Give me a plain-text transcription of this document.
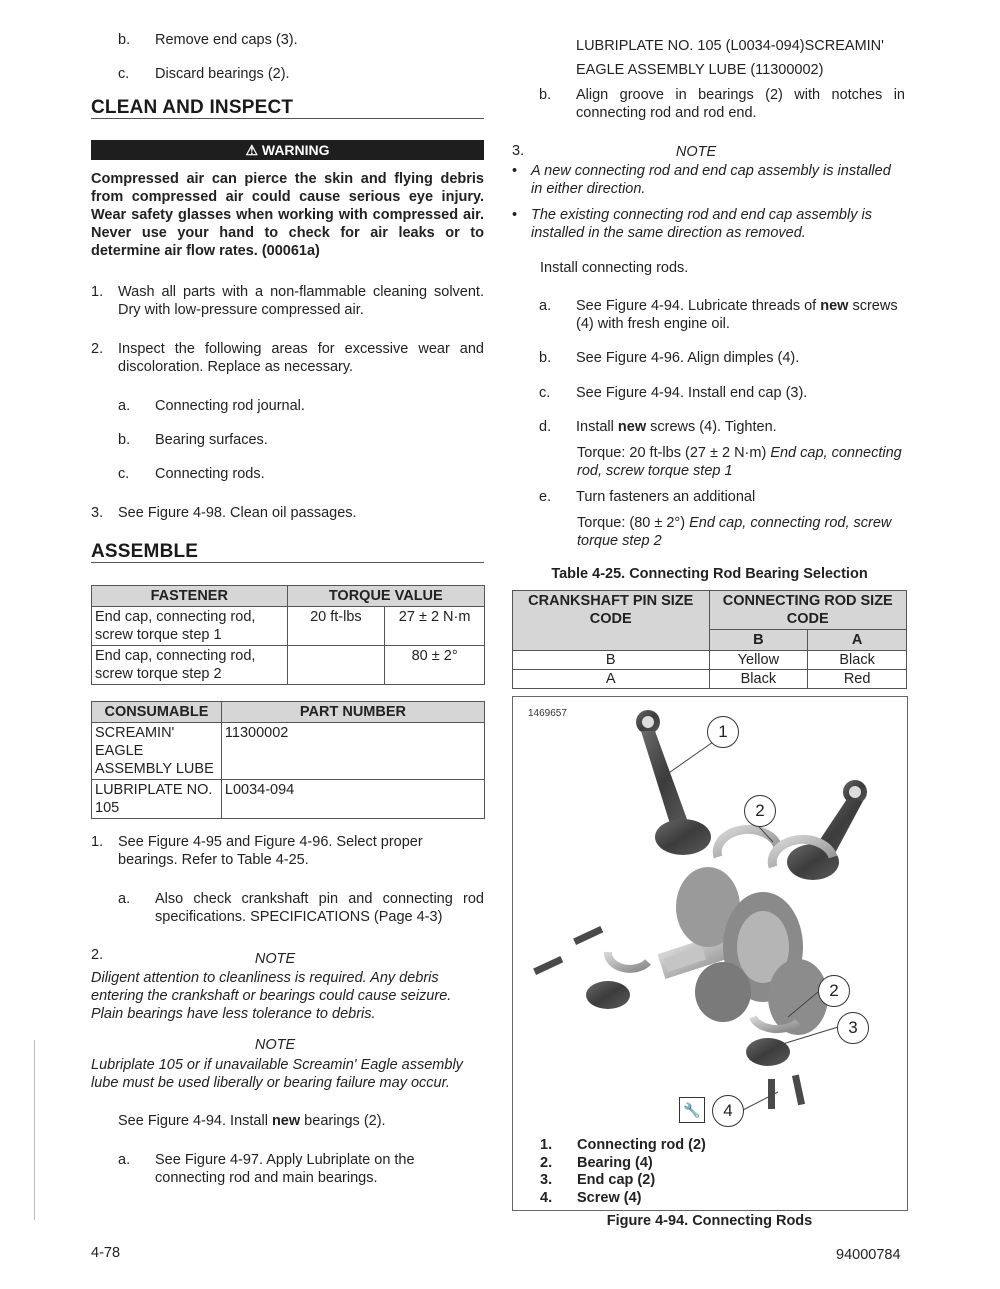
b. Remove end caps (3).
c. Discard bearings (2).
CLEAN AND INSPECT
⚠ WARNING
Compressed air can pierce the skin and flying debris from compressed air could cause serious eye injury. Wear safety glasses when working with compressed air. Never use your hand to check for air leaks or to determine air flow rates. (00061a)
1. Wash all parts with a non-flammable cleaning solvent. Dry with low-pressure compressed air.
2. Inspect the following areas for excessive wear and discoloration. Replace as necessary.
a. Connecting rod journal.
b. Bearing surfaces.
c. Connecting rods.
3. See Figure 4-98. Clean oil passages.
ASSEMBLE
FASTENER	TORQUE VALUE	
End cap, connecting rod, screw torque step 1	20 ft-lbs	27 ± 2 N·m
End cap, connecting rod, screw torque step 2		80 ± 2°
CONSUMABLE	PART NUMBER
SCREAMIN' EAGLE ASSEMBLY LUBE	11300002
LUBRIPLATE NO. 105	L0034-094
1. See Figure 4-95 and Figure 4-96. Select proper bearings. Refer to Table 4-25.
a. Also check crankshaft pin and connecting rod specifications. SPECIFICATIONS (Page 4-3)
2.	NOTE
Diligent attention to cleanliness is required. Any debris entering the crankshaft or bearings could cause seizure. Plain bearings have less tolerance to debris.
NOTE
Lubriplate 105 or if unavailable Screamin' Eagle assembly lube must be used liberally or bearing failure may occur.
See Figure 4-94. Install new bearings (2).
a. See Figure 4-97. Apply Lubriplate on the connecting rod and main bearings.
LUBRIPLATE NO. 105 (L0034-094)SCREAMIN' EAGLE ASSEMBLY LUBE (11300002)
b. Align groove in bearings (2) with notches in connecting rod and rod end.
3.	NOTE
• A new connecting rod and end cap assembly is installed in either direction.
• The existing connecting rod and end cap assembly is installed in the same direction as removed.
Install connecting rods.
a. See Figure 4-94. Lubricate threads of new screws (4) with fresh engine oil.
b. See Figure 4-96. Align dimples (4).
c. See Figure 4-94. Install end cap (3).
d. Install new screws (4). Tighten.
Torque: 20 ft-lbs (27 ± 2 N·m) End cap, connecting rod, screw torque step 1
e. Turn fasteners an additional
Torque: (80 ± 2°) End cap, connecting rod, screw torque step 2
Table 4-25. Connecting Rod Bearing Selection
CRANKSHAFT PIN SIZE CODE	CONNECTING ROD SIZE CODE	
	B	A
B	Yellow	Black
A	Black	Red
1469657
1
2
2
3
4
🔧
1. Connecting rod (2)
2. Bearing (4)
3. End cap (2)
4. Screw (4)
Figure 4-94. Connecting Rods
4-78	94000784
